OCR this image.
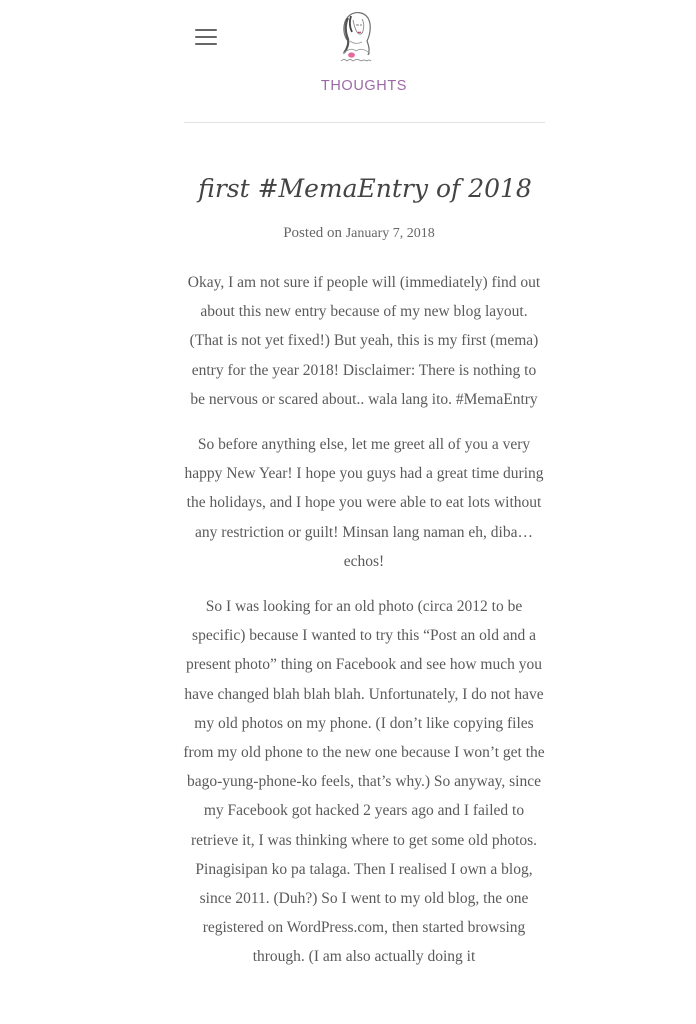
THOUGHTS
first #MemaEntry of 2018
Posted on January 7, 2018

Okay, I am not sure if people will (immediately) find out about this new entry because of my new blog layout. (That is not yet fixed!) But yeah, this is my first (mema) entry for the year 2018! Disclaimer: There is nothing to be nervous or scared about.. wala lang ito. #MemaEntry

So before anything else, let me greet all of you a very happy New Year! I hope you guys had a great time during the holidays, and I hope you were able to eat lots without any restriction or guilt! Minsan lang naman eh, diba… echos!

So I was looking for an old photo (circa 2012 to be specific) because I wanted to try this “Post an old and a present photo” thing on Facebook and see how much you have changed blah blah blah. Unfortunately, I do not have my old photos on my phone. (I don’t like copying files from my old phone to the new one because I won’t get the bago-yung-phone-ko feels, that’s why.) So anyway, since my Facebook got hacked 2 years ago and I failed to retrieve it, I was thinking where to get some old photos. Pinagisipan ko pa talaga. Then I realised I own a blog, since 2011. (Duh?) So I went to my old blog, the one registered on WordPress.com, then started browsing through. (I am also actually doing it
